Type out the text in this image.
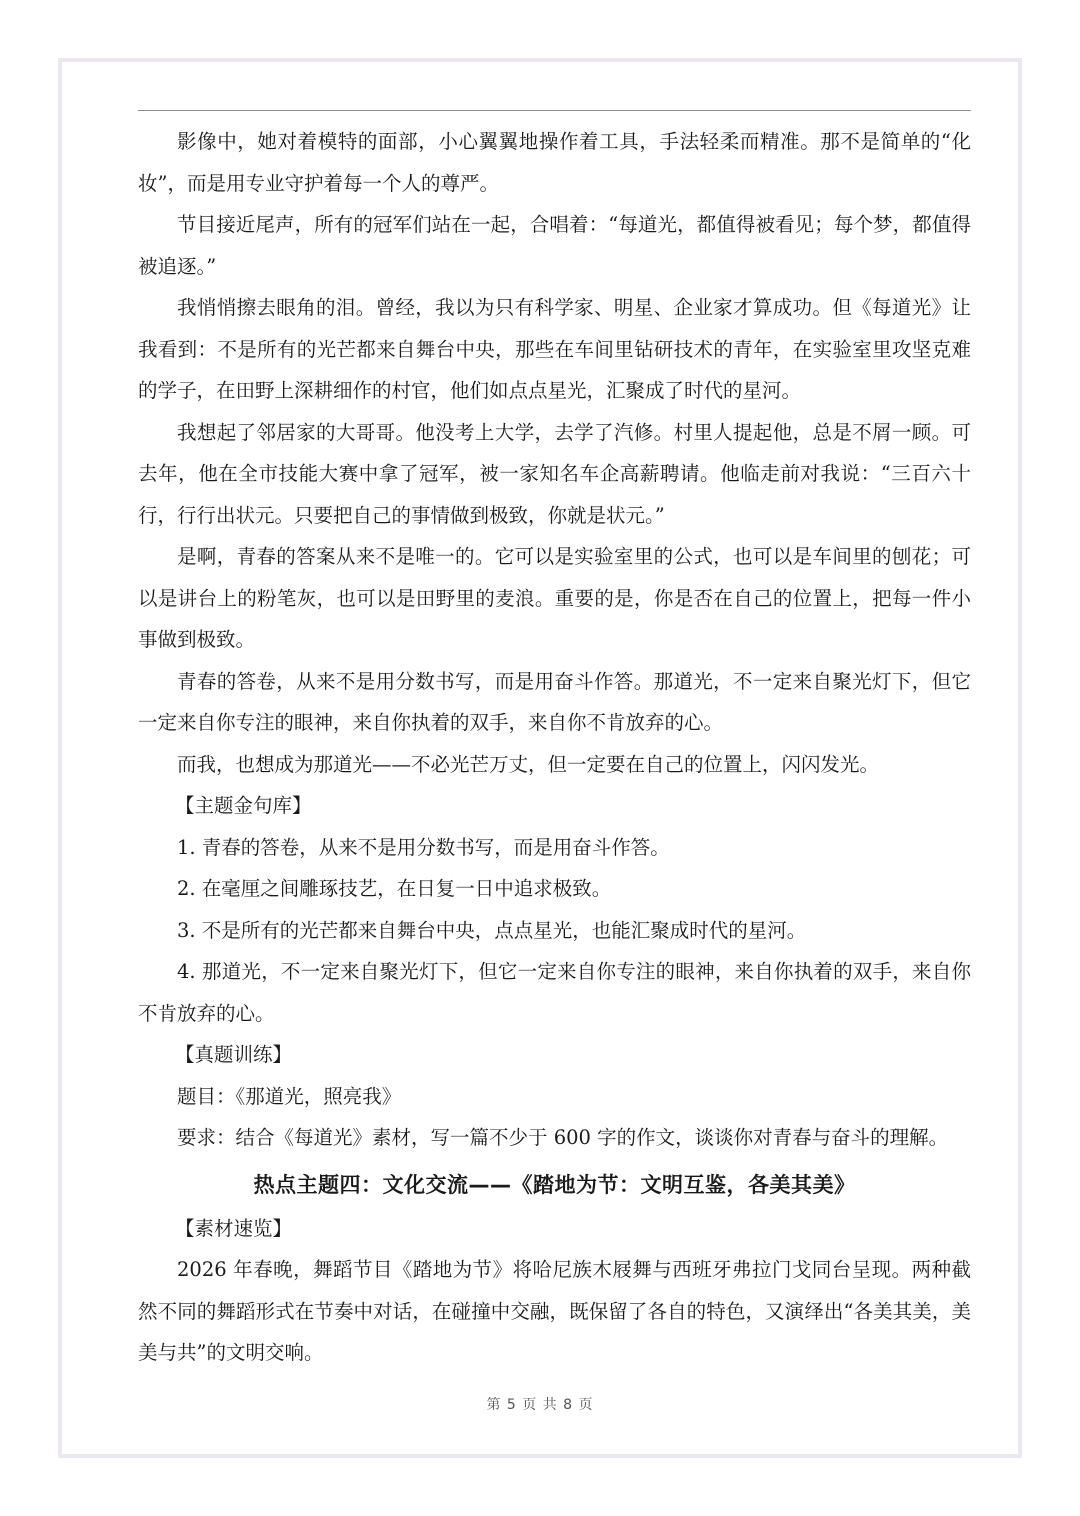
影像中，她对着模特的面部，小心翼翼地操作着工具，手法轻柔而精准。那不是简单的“化妆”，而是用专业守护着每一个人的尊严。

节目接近尾声，所有的冠军们站在一起，合唱着：“每道光，都值得被看见；每个梦，都值得被追逐。”

我悄悄擦去眼角的泪。曾经，我以为只有科学家、明星、企业家才算成功。但《每道光》让我看到：不是所有的光芒都来自舞台中央，那些在车间里钻研技术的青年，在实验室里攻坚克难的学子，在田野上深耕细作的村官，他们如点点星光，汇聚成了时代的星河。

我想起了邻居家的大哥哥。他没考上大学，去学了汽修。村里人提起他，总是不屑一顾。可去年，他在全市技能大赛中拿了冠军，被一家知名车企高薪聘请。他临走前对我说：“三百六十行，行行出状元。只要把自己的事情做到极致，你就是状元。”

是啊，青春的答案从来不是唯一的。它可以是实验室里的公式，也可以是车间里的刨花；可以是讲台上的粉笔灰，也可以是田野里的麦浪。重要的是，你是否在自己的位置上，把每一件小事做到极致。

青春的答卷，从来不是用分数书写，而是用奋斗作答。那道光，不一定来自聚光灯下，但它一定来自你专注的眼神，来自你执着的双手，来自你不肯放弃的心。

而我，也想成为那道光——不必光芒万丈，但一定要在自己的位置上，闪闪发光。

【主题金句库】

1. 青春的答卷，从来不是用分数书写，而是用奋斗作答。

2. 在毫厘之间雕琢技艺，在日复一日中追求极致。

3. 不是所有的光芒都来自舞台中央，点点星光，也能汇聚成时代的星河。

4. 那道光，不一定来自聚光灯下，但它一定来自你专注的眼神，来自你执着的双手，来自你不肯放弃的心。

【真题训练】

题目：《那道光，照亮我》

要求：结合《每道光》素材，写一篇不少于 600 字的作文，谈谈你对青春与奋斗的理解。

热点主题四：文化交流——《踏地为节：文明互鉴，各美其美》

【素材速览】

2026 年春晚，舞蹈节目《踏地为节》将哈尼族木屐舞与西班牙弗拉门戈同台呈现。两种截然不同的舞蹈形式在节奏中对话，在碰撞中交融，既保留了各自的特色，又演绎出“各美其美，美美与共”的文明交响。

第 5 页 共 8 页
